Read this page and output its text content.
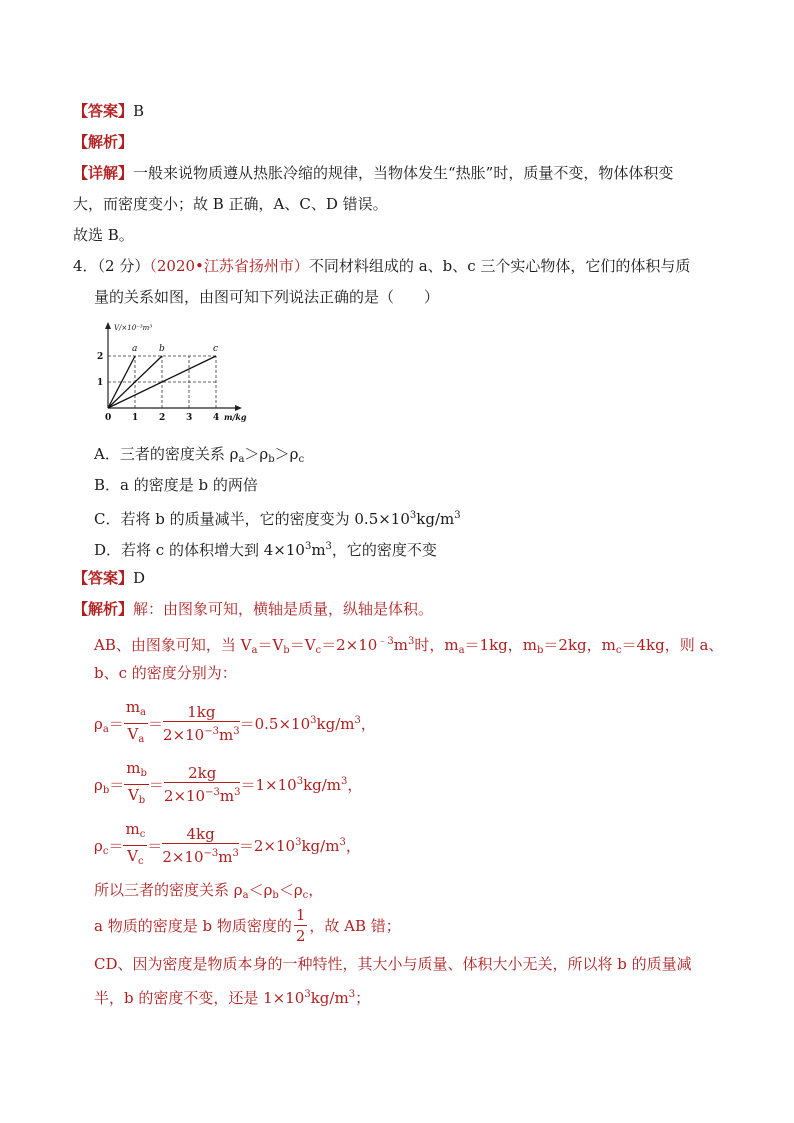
【答案】B
【解析】
【详解】一般来说物质遵从热胀冷缩的规律，当物体发生“热胀”时，质量不变，物体体积变
大，而密度变小；故 B 正确，A、C、D 错误。
故选 B。
4．（2 分）（2020•江苏省扬州市）不同材料组成的 a、b、c 三个实心物体，它们的体积与质
量的关系如图，由图可知下列说法正确的是（　　）
a b	c
0 1 2 3 4
1
2
m/kg
V/×10⁻³m³
A．三者的密度关系 $\rho_a>\rho_b>\rho_c$
B．a 的密度是 b 的两倍
C．若将 b 的质量减半，它的密度变为 $0.5\times 10^3kg/m^3$
D．若将 c 的体积增大到 $4\times 10^3m^3$，它的密度不变
【答案】D
【解析】解：由图象可知，横轴是质量，纵轴是体积。
AB、由图象可知，当 $V_a=V_b=V_c=2\times 10^{﹣3}m^3$时，$m_a=1kg$，$m_b=2kg$，$m_c=4kg$，则 a、
b、c 的密度分别为：
$\rho_a= \frac{m_a}{V_a} = \frac{1kg}{2\times 10^{-3}m^3} =0.5\times 10^3kg/m^3$，
$\rho_b= \frac{m_b}{V_b} = \frac{2kg}{2\times 10^{-3}m^3} =1\times 10^3kg/m^3$，
$\rho_c= \frac{m_c}{V_c} = \frac{4kg}{2\times 10^{-3}m^3} =2\times 10^3kg/m^3$，
所以三者的密度关系 $\rho_a<\rho_b<\rho_c$，
a 物质的密度是 b 物质密度的 $\frac{1}{2}$ ，故 AB 错；
CD、因为密度是物质本身的一种特性，其大小与质量、体积大小无关，所以将 b 的质量减
半，b 的密度不变，还是 $1\times 10^3kg/m^3$；
